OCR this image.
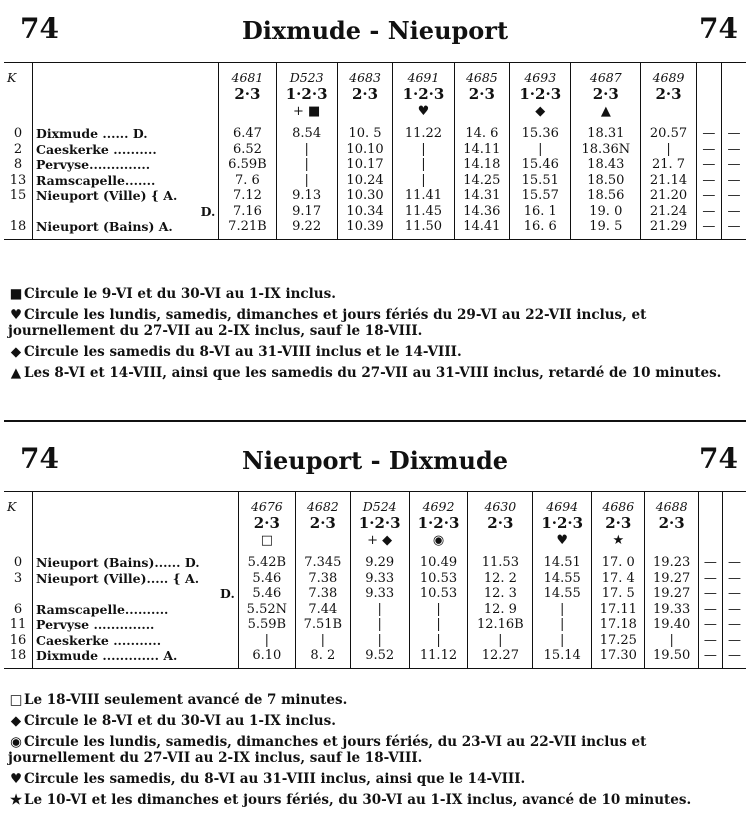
74	Dixmude - Nieuport	74
K		4681	D523	4683	4691	4685	4693	4687	4689		
		2·3	1·2·3	2·3	1·2·3	2·3	1·2·3	2·3	2·3		
			+ ■		♥		◆	▲			
0	Dixmude ...... D.	6.47	8.54	10. 5	11.22	14. 6	15.36	18.31	20.57	—	—
2	Caeskerke ..........	6.52	|	10.10	|	14.11	|	18.36N	|	—	—
8	Pervyse..............	6.59B	|	10.17	|	14.18	15.46	18.43	21. 7	—	—
13	Ramscapelle.......	7. 6	|	10.24	|	14.25	15.51	18.50	21.14	—	—
15	Nieuport (Ville) { A.	7.12	9.13	10.30	11.41	14.31	15.57	18.56	21.20	—	—
	D.	7.16	9.17	10.34	11.45	14.36	16. 1	19. 0	21.24	—	—
18	Nieuport (Bains) A.	7.21B	9.22	10.39	11.50	14.41	16. 6	19. 5	21.29	—	—
■ Circule le 9-VI et du 30-VI au 1-IX inclus.
♥ Circule les lundis, samedis, dimanches et jours fériés du 29-VI au 22-VII inclus, et journellement du 27-VII au 2-IX inclus, sauf le 18-VIII.
◆ Circule les samedis du 8-VI au 31-VIII inclus et le 14-VIII.
▲ Les 8-VI et 14-VIII, ainsi que les samedis du 27-VII au 31-VIII inclus, retardé de 10 minutes.
74	Nieuport - Dixmude	74
K		4676	4682	D524	4692	4630	4694	4686	4688		
		2·3	2·3	1·2·3	1·2·3	2·3	1·2·3	2·3	2·3		
		□		+ ◆	◉		♥	★			
0	Nieuport (Bains)...... D.	5.42B	7.345	9.29	10.49	11.53	14.51	17. 0	19.23	—	—
3	Nieuport (Ville)..... { A.	5.46	7.38	9.33	10.53	12. 2	14.55	17. 4	19.27	—	—
	D.	5.46	7.38	9.33	10.53	12. 3	14.55	17. 5	19.27	—	—
6	Ramscapelle..........	5.52N	7.44	|	|	12. 9	|	17.11	19.33	—	—
11	Pervyse ..............	5.59B	7.51B	|	|	12.16B	|	17.18	19.40	—	—
16	Caeskerke ...........	|	|	|	|	|	|	17.25	|	—	—
18	Dixmude ............. A.	6.10	8. 2	9.52	11.12	12.27	15.14	17.30	19.50	—	—
□ Le 18-VIII seulement avancé de 7 minutes.
◆ Circule le 8-VI et du 30-VI au 1-IX inclus.
◉ Circule les lundis, samedis, dimanches et jours fériés, du 23-VI au 22-VII inclus et journellement du 27-VII au 2-IX inclus, sauf le 18-VIII.
♥ Circule les samedis, du 8-VI au 31-VIII inclus, ainsi que le 14-VIII.
★ Le 10-VI et les dimanches et jours fériés, du 30-VI au 1-IX inclus, avancé de 10 minutes.
